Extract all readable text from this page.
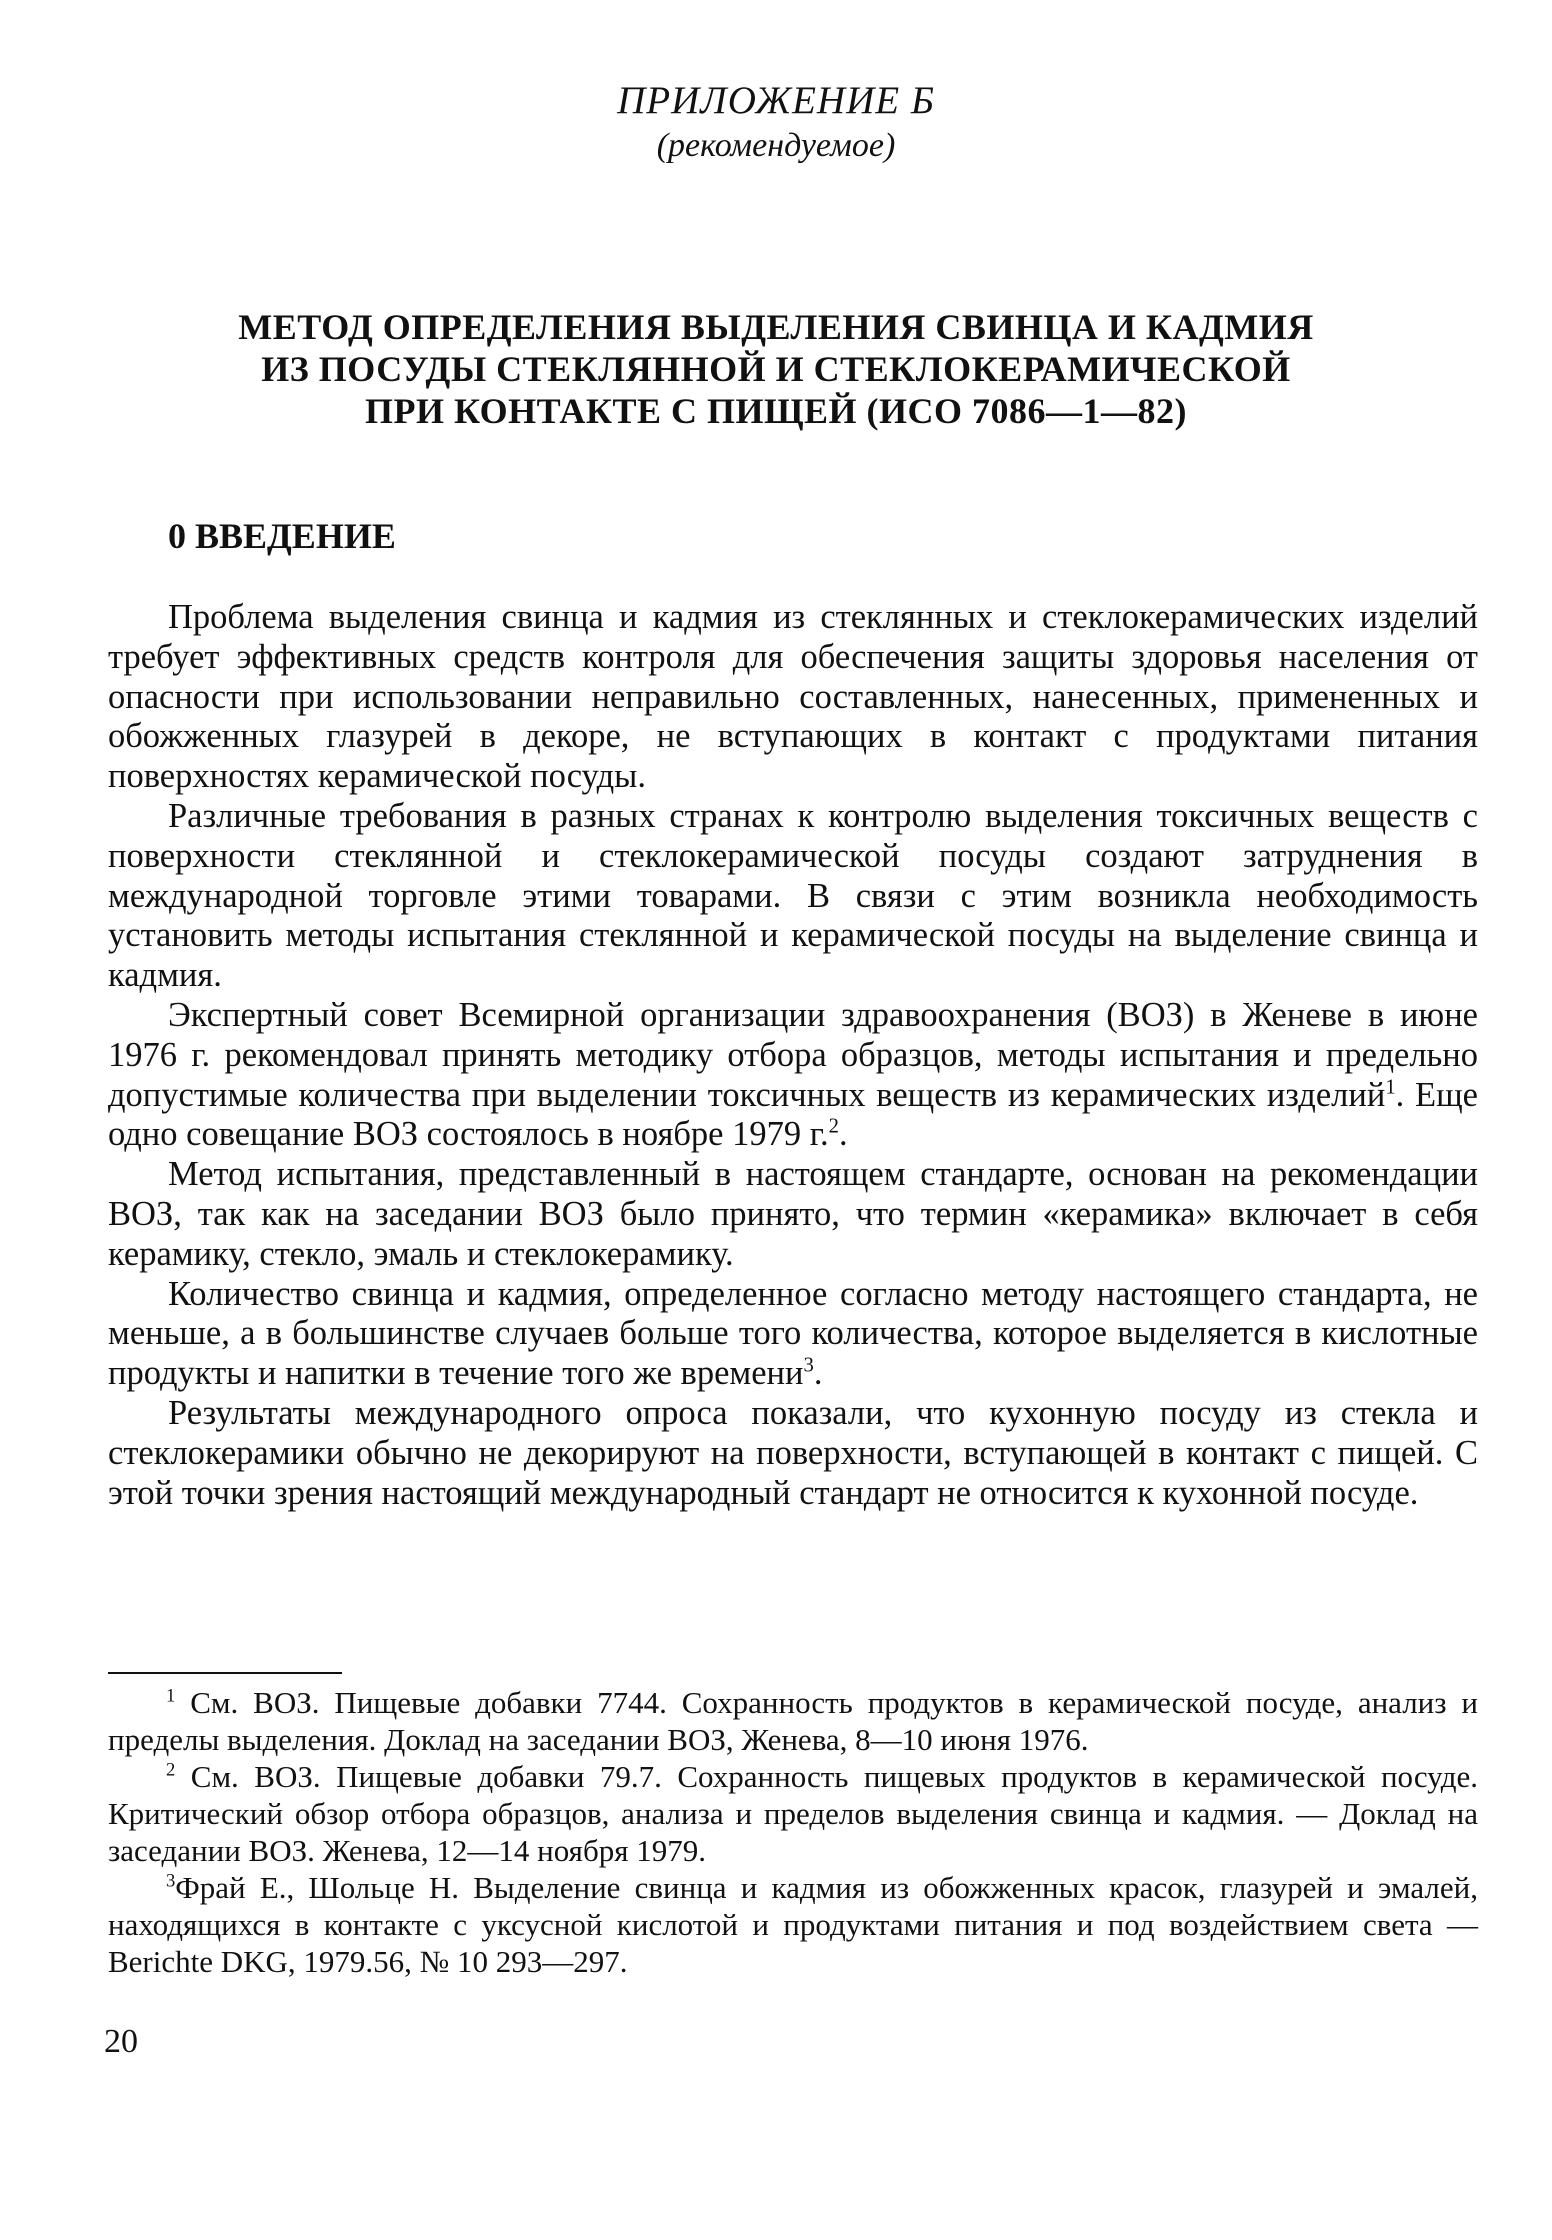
ПРИЛОЖЕНИЕ Б
(рекомендуемое)
МЕТОД ОПРЕДЕЛЕНИЯ ВЫДЕЛЕНИЯ СВИНЦА И КАДМИЯ
ИЗ ПОСУДЫ СТЕКЛЯННОЙ И СТЕКЛОКЕРАМИЧЕСКОЙ
ПРИ КОНТАКТЕ С ПИЩЕЙ (ИСО 7086—1—82)
0 ВВЕДЕНИЕ

Проблема выделения свинца и кадмия из стеклянных и стеклокерамических изделий требует эффективных средств контроля для обеспечения защиты здоровья населения от опасности при использовании неправильно составленных, нанесенных, примененных и обожженных глазурей в декоре, не вступающих в контакт с продуктами питания поверхностях керамической посуды.

Различные требования в разных странах к контролю выделения токсичных веществ с поверхности стеклянной и стеклокерамической посуды создают затруднения в международной торговле этими товарами. В связи с этим возникла необходимость установить методы испытания стеклянной и керамической посуды на выделение свинца и кадмия.

Экспертный совет Всемирной организации здравоохранения (ВОЗ) в Женеве в июне 1976 г. рекомендовал принять методику отбора образцов, методы испытания и предельно допустимые количества при выделении токсичных веществ из керамических изделий$^1$. Еще одно совещание ВОЗ состоялось в ноябре 1979 г.$^2$.

Метод испытания, представленный в настоящем стандарте, основан на рекомендации ВОЗ, так как на заседании ВОЗ было принято, что термин «керамика» включает в себя керамику, стекло, эмаль и стеклокерамику.

Количество свинца и кадмия, определенное согласно методу настоящего стандарта, не меньше, а в большинстве случаев больше того количества, которое выделяется в кислотные продукты и напитки в течение того же времени$^3$.

Результаты международного опроса показали, что кухонную посуду из стекла и стеклокерамики обычно не декорируют на поверхности, вступающей в контакт с пищей. С этой точки зрения настоящий международный стандарт не относится к кухонной посуде.

$^1$ См. ВОЗ. Пищевые добавки 7744. Сохранность продуктов в керамической посуде, анализ и пределы выделения. Доклад на заседании ВОЗ, Женева, 8—10 июня 1976.

$^2$ См. ВОЗ. Пищевые добавки 79.7. Сохранность пищевых продуктов в керамической посуде. Критический обзор отбора образцов, анализа и пределов выделения свинца и кадмия. — Доклад на заседании ВОЗ. Женева, 12—14 ноября 1979.

$^3$Фрай Е., Шольце Н. Выделение свинца и кадмия из обожженных красок, глазурей и эмалей, находящихся в контакте с уксусной кислотой и продуктами питания и под воздействием света — Berichte DKG, 1979.56, № 10 293—297.

20
